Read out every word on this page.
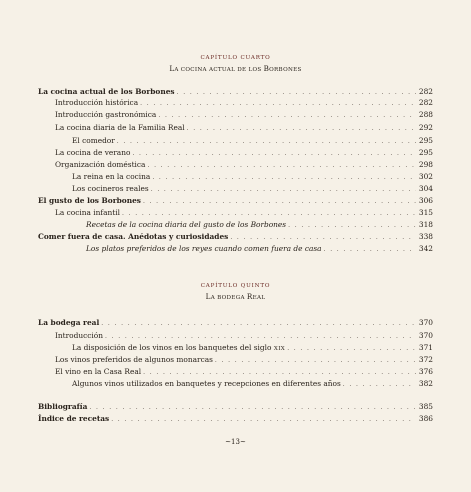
CAPÍTULO CUARTO
LA COCINA ACTUAL DE LOS BORBONES
La cocina actual de los Borbones . . .	282
Introducción histórica . . .	282
Introducción gastronómica . . .	288
La cocina diaria de la Familia Real . . .	292
El comedor . . .	295
La cocina de verano . . .	295
Organización doméstica . . .	298
La reina en la cocina . . .	302
Los cocineros reales . . .	304
El gusto de los Borbones . . .	306
La cocina infantil . . .	315
Recetas de la cocina diaria del gusto de los Borbones . . .	318
Comer fuera de casa. Anédotas y curiosidades . . .	338
Los platos preferidos de los reyes cuando comen fuera de casa . . .	342
CAPÍTULO QUINTO
LA BODEGA REAL
La bodega real . . .	370
Introducción . . .	370
La disposición de los vinos en los banquetes del siglo XIX . . .	371
Los vinos preferidos de algunos monarcas . . .	372
El vino en la Casa Real . . .	376
Algunos vinos utilizados en banquetes y recepciones en diferentes años . . .	382
Bibliografía . . .	385
Índice de recetas . . .	386
~13~
